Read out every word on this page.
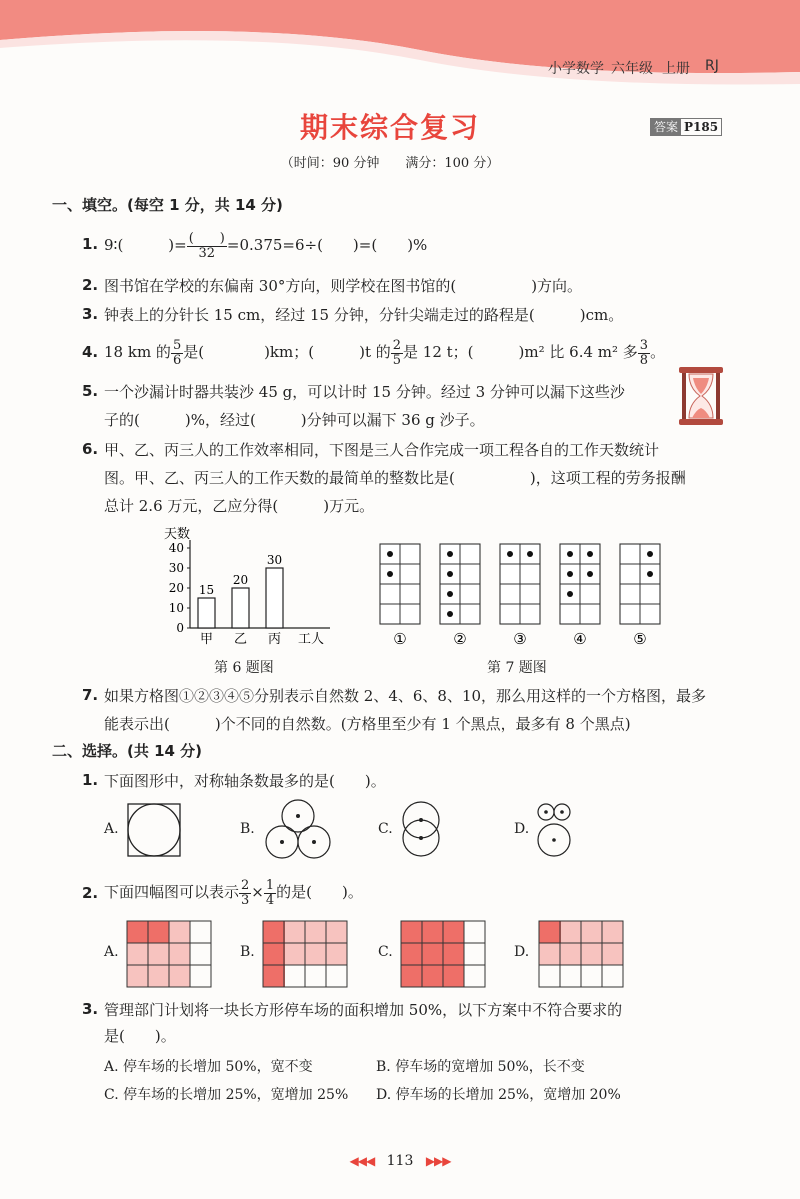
小学数学 六年级 上册 RJ
期末综合复习	答案 P185
（时间：90 分钟　　满分：100 分）
一、填空。(每空 1 分，共 14 分)
1. 9∶(　　　)= $\frac{( )}{32} =0.375=6\div$(　　)=(　　)%
2. 图书馆在学校的东偏南 30°方向，则学校在图书馆的(　　　　　)方向。
3. 钟表上的分针长 15 cm，经过 15 分钟，分针尖端走过的路程是(　　　)cm。
4. 18 km 的 $\frac{5}{6}$ 是(　　　　)km；(　　　)t 的 $\frac{2}{5}$ 是 12 t；(　　　)m² 比 6.4 m² 多 $\frac{3}{8}$ 。
5. 一个沙漏计时器共装沙 45 g，可以计时 15 分钟。经过 3 分钟可以漏下这些沙
子的(　　　)%，经过(　　　)分钟可以漏下 36 g 沙子。
6. 甲、乙、丙三人的工作效率相同，下图是三人合作完成一项工程各自的工作天数统计
图。甲、乙、丙三人的工作天数的最简单的整数比是(　　　　　)，这项工程的劳务报酬
总计 2.6 万元，乙应分得(　　　)万元。
天数
0
10
20
30
40
15
20
30
甲 乙 丙 工人
第 6 题图
①	②	③	④	⑤
第 7 题图
7. 如果方格图①②③④⑤分别表示自然数 2、4、6、8、10，那么用这样的一个方格图，最多
能表示出(　　　)个不同的自然数。(方格里至少有 1 个黑点，最多有 8 个黑点)
二、选择。(共 14 分)
1. 下面图形中，对称轴条数最多的是(　　)。
A.	B.	C.	D.
2. 下面四幅图可以表示 $\frac{2}{3} \times \frac{1}{4}$ 的是(　　)。
A.	B.	C.	D.
3. 管理部门计划将一块长方形停车场的面积增加 50%，以下方案中不符合要求的
是(　　)。
A. 停车场的长增加 50%，宽不变	B. 停车场的宽增加 50%，长不变
C. 停车场的长增加 25%，宽增加 25% D. 停车场的长增加 25%，宽增加 20%
◀◀◀ 113 ▶▶▶
